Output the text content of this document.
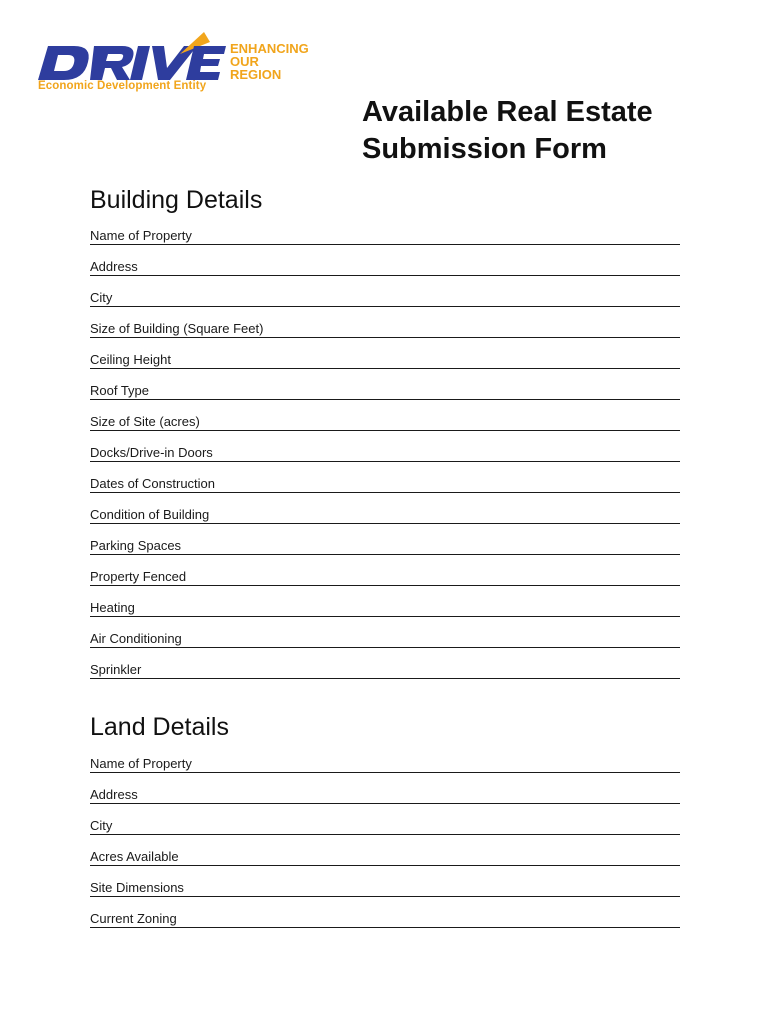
ENHANCING
OUR
REGION
Economic Development Entity
Available Real Estate
Submission Form
Building Details
Name of Property
Address
City
Size of Building (Square Feet)
Ceiling Height
Roof Type
Size of Site (acres)
Docks/Drive-in Doors
Dates of Construction
Condition of Building
Parking Spaces
Property Fenced
Heating
Air Conditioning
Sprinkler
Land Details
Name of Property
Address
City
Acres Available
Site Dimensions
Current Zoning
